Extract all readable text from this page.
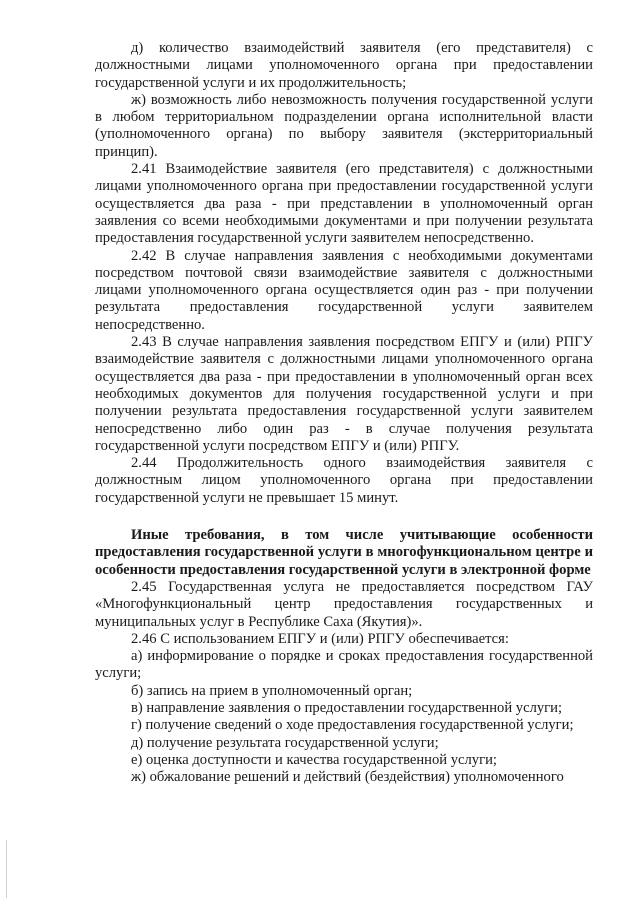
д) количество взаимодействий заявителя (его представителя) с должностными лицами уполномоченного органа при предоставлении государственной услуги и их продолжительность;

ж) возможность либо невозможность получения государственной услуги в любом территориальном подразделении органа исполнительной власти (уполномоченного органа) по выбору заявителя (экстерриториальный принцип).

2.41 Взаимодействие заявителя (его представителя) с должностными лицами уполномоченного органа при предоставлении государственной услуги осуществляется два раза - при представлении в уполномоченный орган заявления со всеми необходимыми документами и при получении результата предоставления государственной услуги заявителем непосредственно.

2.42 В случае направления заявления с необходимыми документами посредством почтовой связи взаимодействие заявителя с должностными лицами уполномоченного органа осуществляется один раз - при получении результата предоставления государственной услуги заявителем непосредственно.

2.43 В случае направления заявления посредством ЕПГУ и (или) РПГУ взаимодействие заявителя с должностными лицами уполномоченного органа осуществляется два раза - при предоставлении в уполномоченный орган всех необходимых документов для получения государственной услуги и при получении результата предоставления государственной услуги заявителем непосредственно либо один раз - в случае получения результата государственной услуги посредством ЕПГУ и (или) РПГУ.

2.44 Продолжительность одного взаимодействия заявителя с должностным лицом уполномоченного органа при предоставлении государственной услуги не превышает 15 минут.

Иные требования, в том числе учитывающие особенности предоставления государственной услуги в многофункциональном центре и особенности предоставления государственной услуги в электронной форме

2.45 Государственная услуга не предоставляется посредством ГАУ «Многофункциональный центр предоставления государственных и муниципальных услуг в Республике Саха (Якутия)».

2.46 С использованием ЕПГУ и (или) РПГУ обеспечивается:

а) информирование о порядке и сроках предоставления государственной услуги;

б) запись на прием в уполномоченный орган;

в) направление заявления о предоставлении государственной услуги;

г) получение сведений о ходе предоставления государственной услуги;

д) получение результата государственной услуги;

е) оценка доступности и качества государственной услуги;

ж) обжалование решений и действий (бездействия) уполномоченного
